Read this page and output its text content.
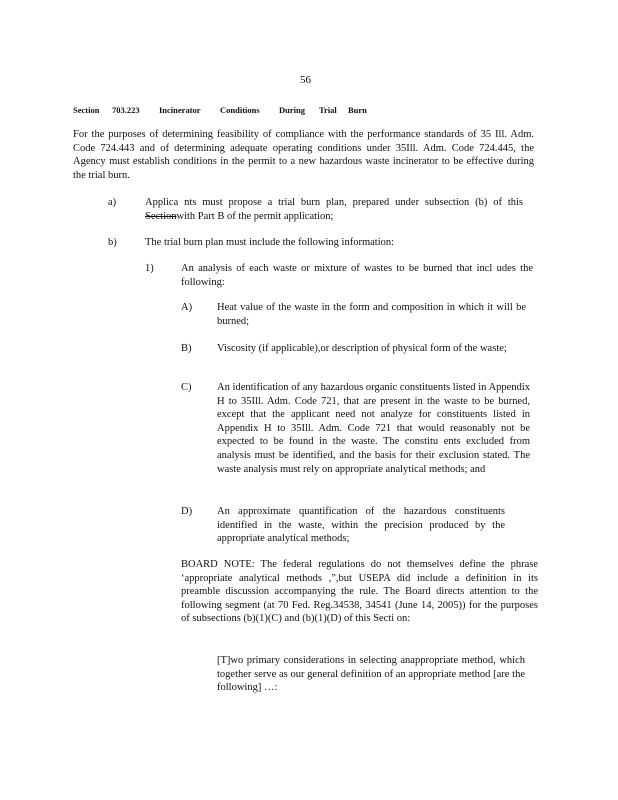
56
Section 703.223 Incinerator Conditions During Trial Burn
For the purposes of determining feasibility of compliance with the performance standards of 35 Ill. Adm. Code 724.443 and of determining adequate operating conditions under 35Ill. Adm. Code 724.445, the Agency must establish conditions in the permit to a new hazardous waste incinerator to be effective during the trial burn.
a)	Applica nts must propose a trial burn plan, prepared under subsection (b) of this Sectionwith Part B of the permit application;
b)	The trial burn plan must include the following information:
1)	An analysis of each waste or mixture of wastes to be burned that incl udes the following:
A) Heat value of the waste in the form and composition in which it will be burned;
B) Viscosity (if applicable),or description of physical form of the waste;
C) An identification of any hazardous organic constituents listed in Appendix H to 35Ill. Adm. Code 721, that are present in the waste to be burned, except that the applicant need not analyze for constituents listed in Appendix H to 35Ill. Adm. Code 721 that would reasonably not be expected to be found in the waste. The constitu ents excluded from analysis must be identified, and the basis for their exclusion stated. The waste analysis must rely on appropriate analytical methods; and
D) An approximate quantification of the hazardous constituents identified in the waste, within the precision produced by the appropriate analytical methods;
BOARD NOTE: The federal regulations do not themselves define the phrase ‘appropriate analytical methods ,”,but USEPA did include a definition in its preamble discussion accompanying the rule. The Board directs attention to the following segment (at 70 Fed. Reg.34538, 34541 (June 14, 2005)) for the purposes of subsections (b)(1)(C) and (b)(1)(D) of this Secti on:
[T]wo primary considerations in selecting anappropriate method, which together serve as our general definition of an appropriate method [are the following] …:
